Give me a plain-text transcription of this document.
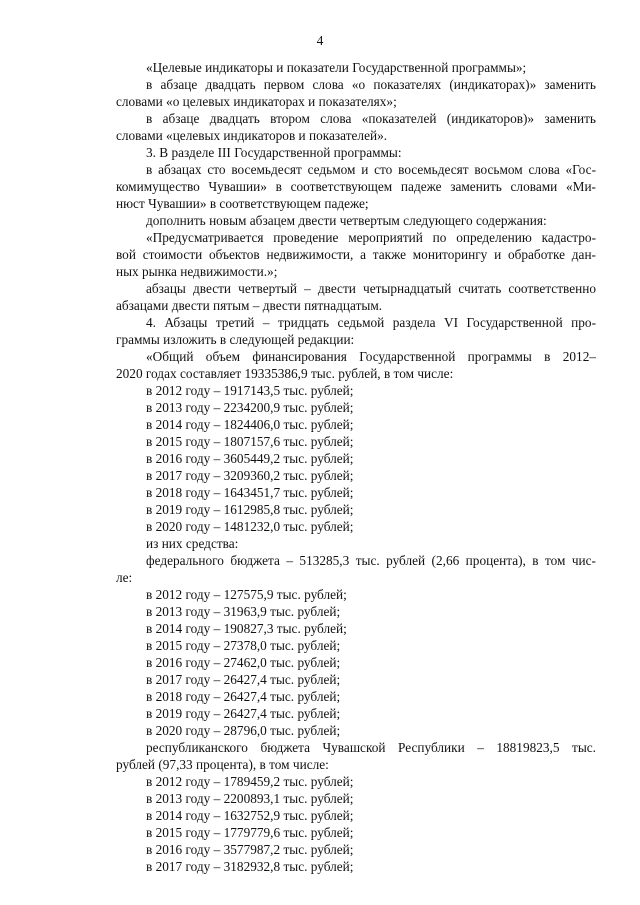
4
«Целевые индикаторы и показатели Государственной программы»;
в абзаце двадцать первом слова «о показателях (индикаторах)» заменить
словами «о целевых индикаторах и показателях»;
в абзаце двадцать втором слова «показателей (индикаторов)» заменить
словами «целевых индикаторов и показателей».
3. В разделе III Государственной программы:
в абзацах сто восемьдесят седьмом и сто восемьдесят восьмом слова «Гос-
комимущество Чувашии» в соответствующем падеже заменить словами «Ми-
нюст Чувашии» в соответствующем падеже;
дополнить новым абзацем двести четвертым следующего содержания:
«Предусматривается проведение мероприятий по определению кадастро-
вой стоимости объектов недвижимости, а также мониторингу и обработке дан-
ных рынка недвижимости.»;
абзацы двести четвертый – двести четырнадцатый считать соответственно
абзацами двести пятым – двести пятнадцатым.
4. Абзацы третий – тридцать седьмой раздела VI Государственной про-
граммы изложить в следующей редакции:
«Общий объем финансирования Государственной программы в 2012–
2020 годах составляет 19335386,9 тыс. рублей, в том числе:
в 2012 году – 1917143,5 тыс. рублей;
в 2013 году – 2234200,9 тыс. рублей;
в 2014 году – 1824406,0 тыс. рублей;
в 2015 году – 1807157,6 тыс. рублей;
в 2016 году – 3605449,2 тыс. рублей;
в 2017 году – 3209360,2 тыс. рублей;
в 2018 году – 1643451,7 тыс. рублей;
в 2019 году – 1612985,8 тыс. рублей;
в 2020 году – 1481232,0 тыс. рублей;
из них средства:
федерального бюджета – 513285,3 тыс. рублей (2,66 процента), в том чис-
ле:
в 2012 году – 127575,9 тыс. рублей;
в 2013 году – 31963,9 тыс. рублей;
в 2014 году – 190827,3 тыс. рублей;
в 2015 году – 27378,0 тыс. рублей;
в 2016 году – 27462,0 тыс. рублей;
в 2017 году – 26427,4 тыс. рублей;
в 2018 году – 26427,4 тыс. рублей;
в 2019 году – 26427,4 тыс. рублей;
в 2020 году – 28796,0 тыс. рублей;
республиканского бюджета Чувашской Республики – 18819823,5 тыс.
рублей (97,33 процента), в том числе:
в 2012 году – 1789459,2 тыс. рублей;
в 2013 году – 2200893,1 тыс. рублей;
в 2014 году – 1632752,9 тыс. рублей;
в 2015 году – 1779779,6 тыс. рублей;
в 2016 году – 3577987,2 тыс. рублей;
в 2017 году – 3182932,8 тыс. рублей;
